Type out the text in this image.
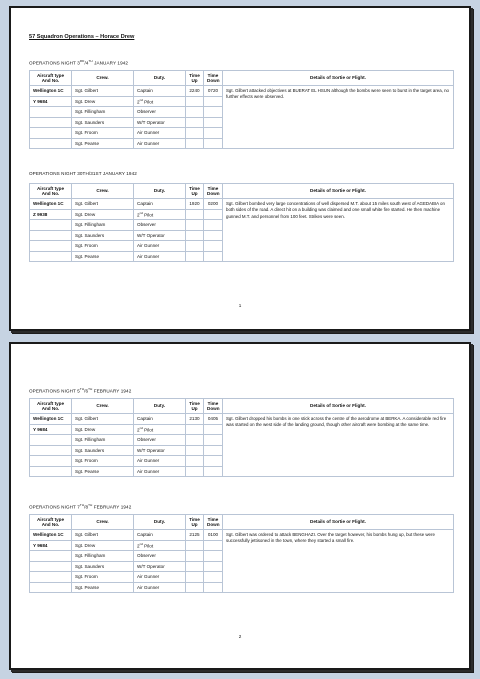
57 Squadron Operations – Horace Drew
OPERATIONS NIGHT 3RD/4TH JANUARY 1942
Aircraft type And No.	Crew.	Duty.	Time Up	Time Down	Details of Sortie or Flight.
Wellington 1C	Sgt. Gilbert	Captain	2240	0720	Sgt. Gilbert attacked objectives at BUERAT EL HSUN although the bombs were seen to burst in the target area, no further effects were observed.
Y 9684	Sgt. Drew	2nd Pilot			
	Sgt. Fillingham	Observer			
	Sgt. Saunders	W/T Operator			
	Sgt. Froom	Air Gunner			
	Sgt. Pearse	Air Gunner			
OPERATIONS NIGHT 30TH/31ST JANUARY 1942
Aircraft type And No.	Crew.	Duty.	Time Up	Time Down	Details of Sortie or Flight.
Wellington 1C	Sgt. Gilbert	Captain	1920	0200	Sgt. Gilbert bombed very large concentrations of well dispersed M.T. about 15 miles south west of AGEDABIA on both sides of the road. A direct hit on a building was claimed and one small white fire started. He then machine gunned M.T. and personnel from 100 feet. Strikes were seen.
Z 9938	Sgt. Drew	2nd Pilot			
	Sgt. Fillingham	Observer			
	Sgt. Saunders	W/T Operator			
	Sgt. Froom	Air Gunner			
	Sgt. Pearse	Air Gunner			
1
OPERATIONS NIGHT 5TH/6TH FEBRUARY 1942
Aircraft type And No.	Crew.	Duty.	Time Up	Time Down	Details of Sortie or Flight.
Wellington 1C	Sgt. Gilbert	Captain	2130	0405	Sgt. Gilbert dropped his bombs in one stick across the centre of the aerodrome at BERKA. A considerable red fire was started on the west side of the landing ground, though other aircraft were bombing at the same time.
Y 9684	Sgt. Drew	2nd Pilot			
	Sgt. Fillingham	Observer			
	Sgt. Saunders	W/T Operator			
	Sgt. Froom	Air Gunner			
	Sgt. Pearse	Air Gunner			
OPERATIONS NIGHT 7TH/8TH FEBRUARY 1942
Aircraft type And No.	Crew.	Duty.	Time Up	Time Down	Details of Sortie or Flight.
Wellington 1C	Sgt. Gilbert	Captain	2125	0100	Sgt. Gilbert was ordered to attack BENGHAZI. Over the target however, his bombs hung up, but these were successfully jettisoned in the town, where they started a small fire.
Y 9684	Sgt. Drew	2nd Pilot			
	Sgt. Fillingham	Observer			
	Sgt. Saunders	W/T Operator			
	Sgt. Froom	Air Gunner			
	Sgt. Pearse	Air Gunner			
2
